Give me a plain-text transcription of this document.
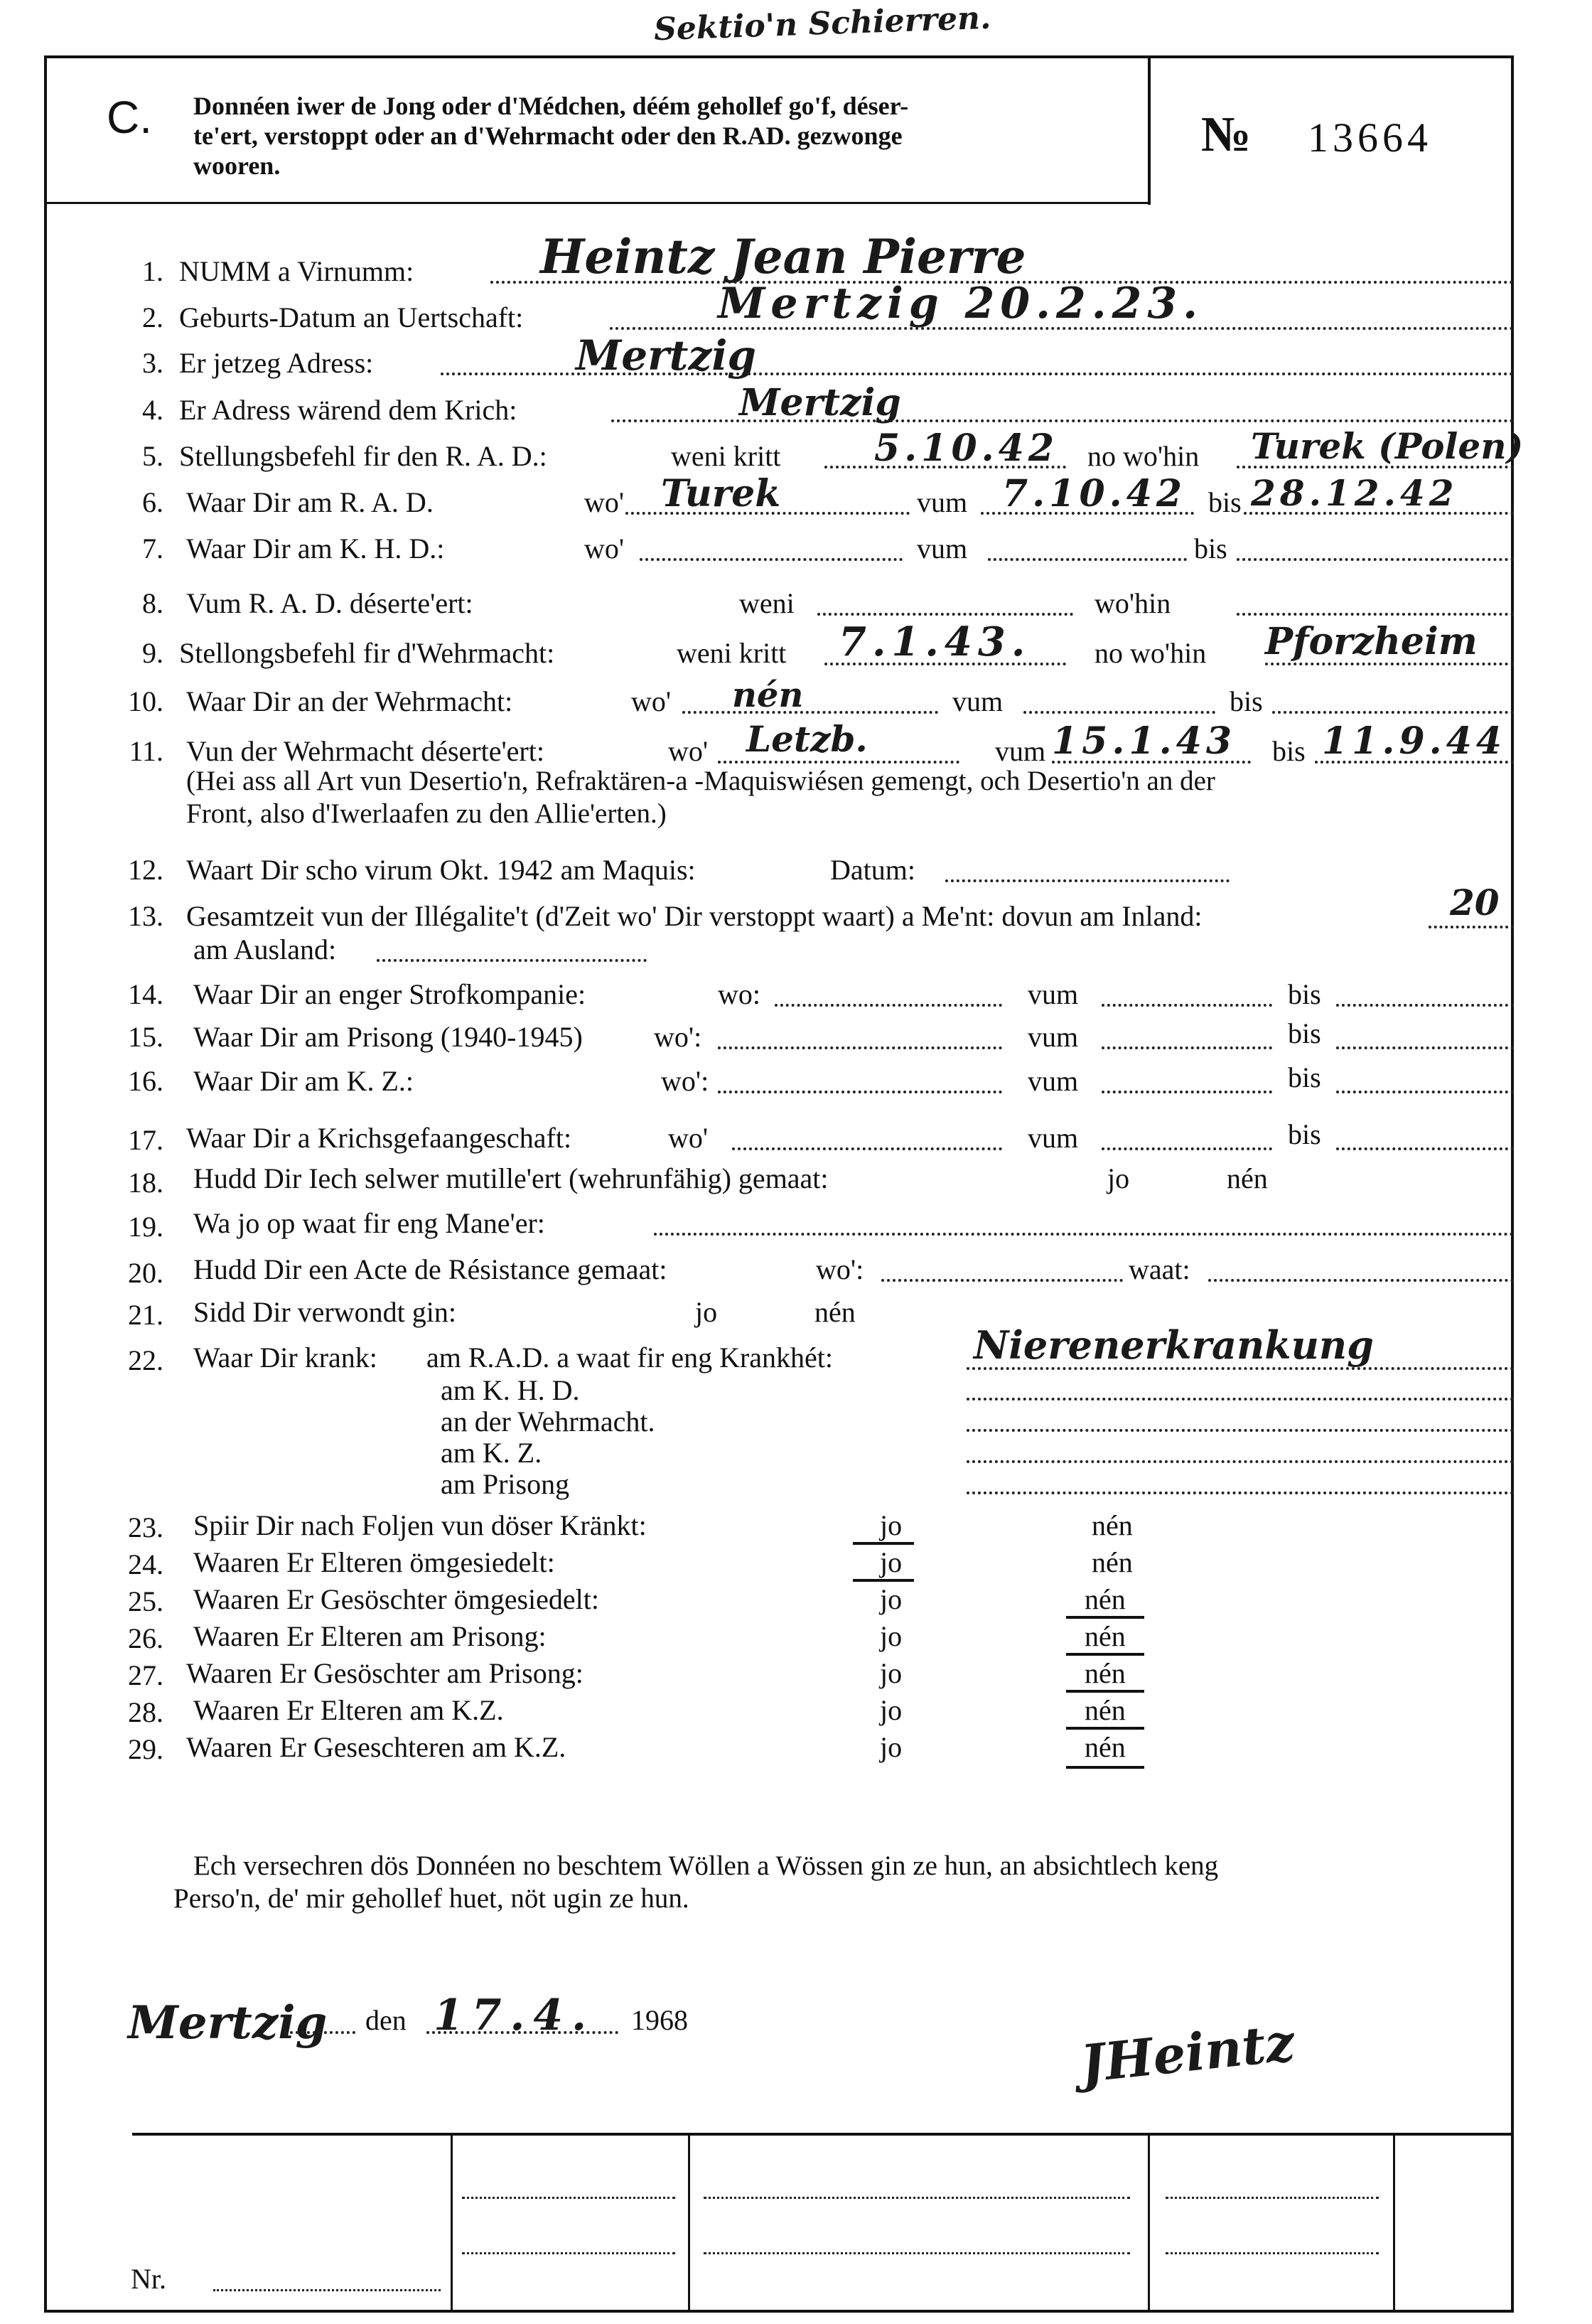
Sektio'n Schierren.
C. Donnéen iwer de Jong oder d'Médchen, déém gehollef go'f, déser-
te'ert, verstoppt oder an d'Wehrmacht oder den R.AD. gezwonge
wooren.
№ 13664
1. NUMM a Virnumm:	Heintz Jean Pierre
2. Geburts-Datum an Uertschaft:	Mertzig 20.2.23.
3. Er jetzeg Adress:	Mertzig
4. Er Adress wärend dem Krich:	Mertzig
5. Stellungsbefehl fir den R. A. D.:	weni kritt	5.10.42 no wo'hin Turek (Polen)
6. Waar Dir am R. A. D.	wo' Turek	vum 7.10.42 bis 28.12.42
7. Waar Dir am K. H. D.:	wo'	vum	bis
8. Vum R. A. D. déserte'ert:	weni	wo'hin
9. Stellongsbefehl fir d'Wehrmacht:	weni kritt 7.1.43. no wo'hin Pforzheim
10. Waar Dir an der Wehrmacht:	wo' nén	vum	bis
11. Vun der Wehrmacht déserte'ert:	wo' Letzb.	vum 15.1.43 bis 11.9.44
(Hei ass all Art vun Desertio'n, Refraktären-a -Maquiswiésen gemengt, och Desertio'n an der
Front, also d'Iwerlaafen zu den Allie'erten.)
12. Waart Dir scho virum Okt. 1942 am Maquis:	Datum:
13. Gesamtzeit vun der Illégalite't (d'Zeit wo' Dir verstoppt waart) a Me'nt: dovun am Inland:	20
am Ausland:
14. Waar Dir an enger Strofkompanie:	wo:	vum	bis
15. Waar Dir am Prisong (1940-1945)	wo':	vum	bis
16. Waar Dir am K. Z.:	wo':	vum	bis
17. Waar Dir a Krichsgefaangeschaft:	wo'	vum	bis
18. Hudd Dir Iech selwer mutille'ert (wehrunfähig) gemaat:	jo	nén
19. Wa jo op waat fir eng Mane'er:
20. Hudd Dir een Acte de Résistance gemaat:	wo':	waat:
21. Sidd Dir verwondt gin:	jo	nén
22. Waar Dir krank: am R.A.D. a waat fir eng Krankhét:	Nierenerkrankung
am K. H. D.
an der Wehrmacht.
am K. Z.
am Prisong
23. Spiir Dir nach Foljen vun döser Kränkt:	jo	nén
24. Waaren Er Elteren ömgesiedelt:	jo	nén
25. Waaren Er Gesöschter ömgesiedelt:	jo	nén
26. Waaren Er Elteren am Prisong:	jo	nén
27. Waaren Er Gesöschter am Prisong:	jo	nén
28. Waaren Er Elteren am K.Z.	jo	nén
29. Waaren Er Geseschteren am K.Z.	jo	nén
Ech versechren dös Donnéen no beschtem Wöllen a Wössen gin ze hun, an absichtlech keng
Perso'n, de' mir gehollef huet, nöt ugin ze hun.
Mertzig den 17.4. 1968	JHeintz
Nr.
